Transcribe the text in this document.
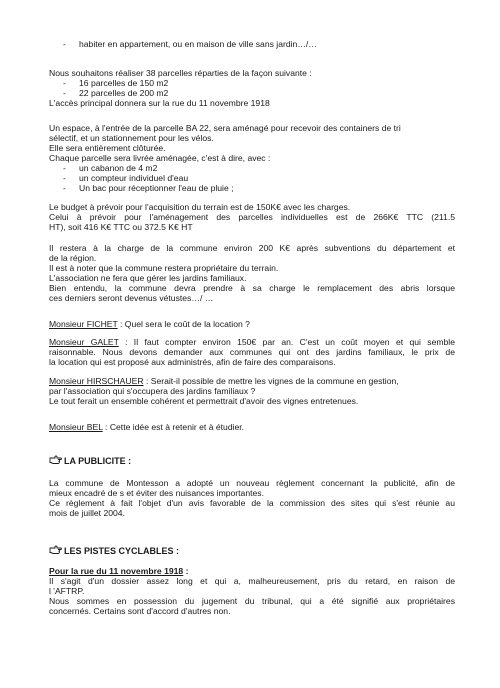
- habiter en appartement, ou en maison de ville sans jardin…/…
Nous souhaitons réaliser 38 parcelles réparties de la façon suivante :
- 16 parcelles de 150 m2
- 22 parcelles de 200 m2
L'accès principal donnera sur la rue du 11 novembre 1918
Un espace, à l'entrée de la parcelle BA 22, sera aménagé pour recevoir des containers de tri
sélectif, et un stationnement pour les vélos.
Elle sera entièrement clôturée.
Chaque parcelle sera livrée aménagée, c'est à dire, avec :
- un cabanon de 4 m2
- un compteur individuel d'eau
- Un bac pour réceptionner l'eau de pluie ;
Le budget à prévoir pour l'acquisition du terrain est de 150K€ avec les charges.
Celui à prévoir pour l'aménagement des parcelles individuelles est de 266K€ TTC (211.5
HT), soit 416 K€ TTC ou 372.5 K€ HT
Il restera à la charge de la commune environ 200 K€ après subventions du département et
de la région.
Il est à noter que la commune restera propriétaire du terrain.
L'association ne fera que gérer les jardins familiaux.
Bien entendu, la commune devra prendre à sa charge le remplacement des abris lorsque
ces derniers seront devenus vétustes…/ …
Monsieur FICHET : Quel sera le coût de la location ?
Monsieur GALET : Il faut compter environ 150€ par an. C'est un coût moyen et qui semble
raisonnable. Nous devons demander aux communes qui ont des jardins familiaux, le prix de
la location qui est proposé aux administrés, afin de faire des comparaisons.
Monsieur HIRSCHAUER : Serait-il possible de mettre les vignes de la commune en gestion,
par l'association qui s'occupera des jardins familiaux ?
Le tout ferait un ensemble cohérent et permettrait d'avoir des vignes entretenues.
Monsieur BEL : Cette idée est à retenir et à étudier.
LA PUBLICITE :
La commune de Montesson a adopté un nouveau règlement concernant la publicité, afin de
mieux encadré de s et éviter des nuisances importantes.
Ce règlement à fait l'objet d'un avis favorable de la commission des sites qui s'est réunie au
mois de juillet 2004.
LES PISTES CYCLABLES :
Pour la rue du 11 novembre 1918 :
Il s'agit d'un dossier assez long et qui a, malheureusement, pris du retard, en raison de
l 'AFTRP.
Nous sommes en possession du jugement du tribunal, qui a été signifié aux propriétaires
concernés. Certains sont d'accord d'autres non.
